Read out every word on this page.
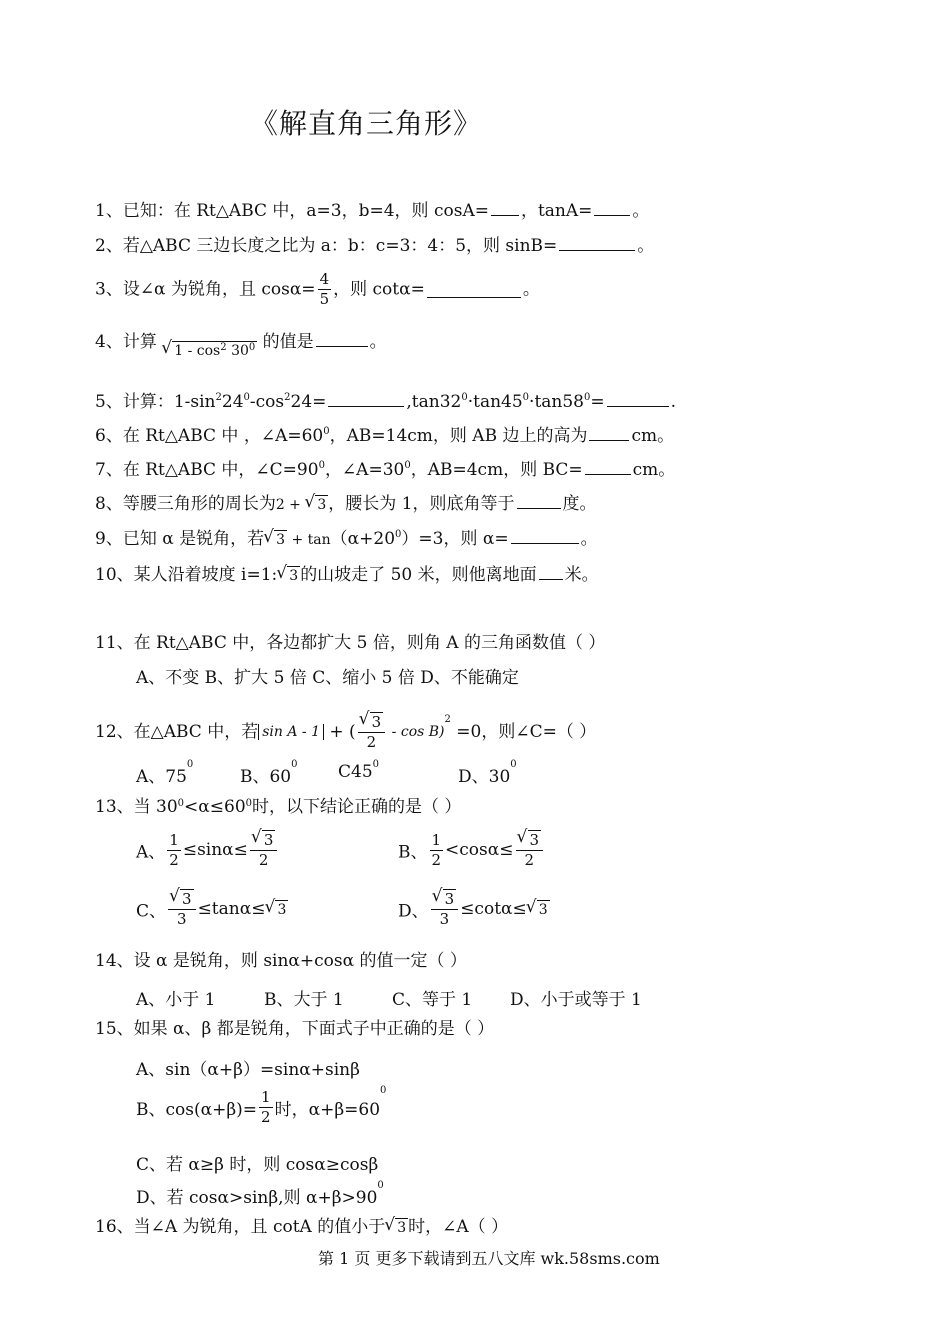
《解直角三角形》
1、已知：在 Rt△ABC 中，a=3，b=4，则 cosA= ，tanA= 。
2、若△ABC 三边长度之比为 a：b：c=3：4：5，则 sinB=	。
3、设∠α 为锐角，且 $\cos\alpha= \frac{4}{5}$ ，则 cotα=	。
4、计算 √ $1 - \cos^2 30^0$ 的值是	。
5、计算：$1-\sin^224^0-\cos^224=$	$,\tan 32^0\cdot\tan 45^0\cdot\tan 58^0=$	.
6、在 Rt△ABC 中 ，$\angle A=60^0$，AB=14cm，则 AB 边上的高为	cm。
7、在 Rt△ABC 中，$\angle C=90^0$，$\angle A=30^0$，AB=4cm，则 BC=	cm。
8、等腰三角形的周长为2 + √ 3 ，腰长为 1，则底角等于	度。
9、已知 α 是锐角，若√ $3 + \tan(\alpha+20^0)=3$，则 α=	。
10、某人沿着坡度 i=1:√ 3 的山坡走了 50 米，则他离地面 米。
11、在 Rt△ABC 中，各边都扩大 5 倍，则角 A 的三角函数值（ ）
A、不变 B、扩大 5 倍 C、缩小 5 倍 D、不能确定
12、在△ABC 中，若 sin A - 1 + (
√ $\frac{3}{2} - \cos B)^2 =0$，则∠C=（ ）
A、$75^0$
B、$60^0$ $C45^0$
D、$30^0$
13、当 $30^0<\alpha\le 60^0$时，以下结论正确的是（ ）
A、 $\frac{1}{2} \le\sin\alpha\le$
√ $\frac{3}{2}$	B、 $\frac{1}{2} <\cos\alpha\le$
√ $\frac{3}{2}$
C、
√ $\frac{3}{3} \le\tan\alpha\le√$ 3	D、
√ $\frac{3}{3} \le\cot\alpha\le√$ 3
14、设 α 是锐角，则 sinα+cosα 的值一定（ ）
A、小于 1	B、大于 1	C、等于 1 D、小于或等于 1
15、如果 α、β 都是锐角，下面式子中正确的是（ ）
A、sin（α+β）=sinα+sinβ
B、$\cos(\alpha+\beta)= \frac{1}{2}$ 时，$\alpha+\beta=60^0$
C、若 α≥β 时，则 cosα≥cosβ
D、若 cosα>sinβ,则 $\alpha+\beta>90^0$
16、当∠A 为锐角，且 cotA 的值小于√ 3 时，∠A（ ）
第 1 页 更多下载请到五八文库 wk.58sms.com
